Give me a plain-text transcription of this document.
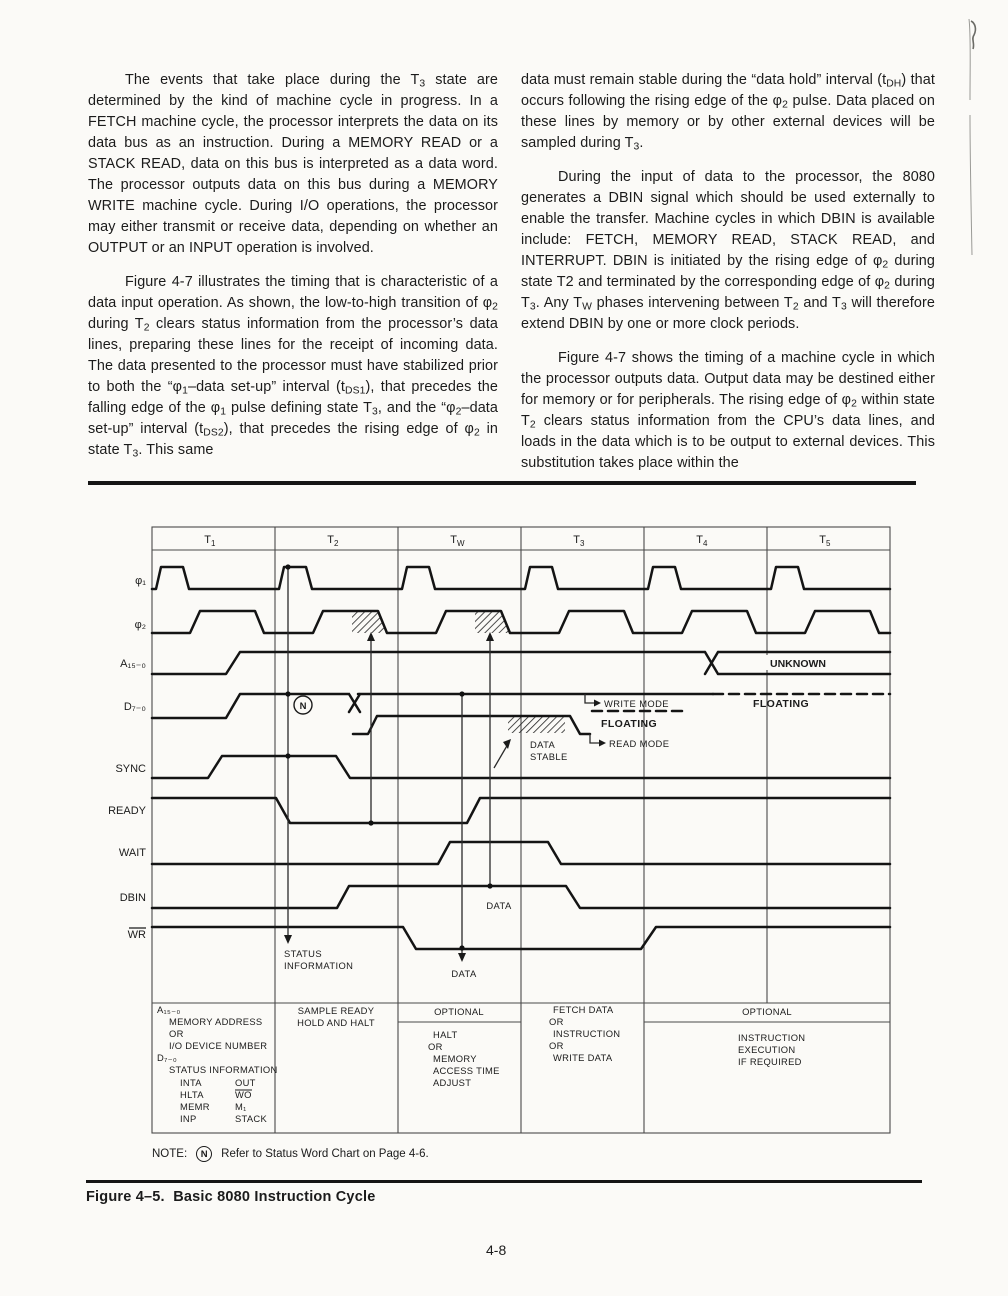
The events that take place during the $T_3$ state are determined by the kind of machine cycle in progress. In a FETCH machine cycle, the processor interprets the data on its data bus as an instruction. During a MEMORY READ or a STACK READ, data on this bus is interpreted as a data word. The processor outputs data on this bus during a MEMORY WRITE machine cycle. During I/O operations, the processor may either transmit or receive data, depending on whether an OUTPUT or an INPUT operation is involved.

Figure 4-7 illustrates the timing that is characteristic of a data input operation. As shown, the low-to-high transition of $\varphi_2$ during $T_2$ clears status information from the processor’s data lines, preparing these lines for the receipt of incoming data. The data presented to the processor must have stabilized prior to both the “$\varphi_1$–data set-up” interval $(t_{DS1})$, that precedes the falling edge of the $\varphi_1$ pulse defining state $T_3$, and the “$\varphi_2$–data set-up” interval $(t_{DS2})$, that precedes the rising edge of $\varphi_2$ in state $T_3$. This same

data must remain stable during the “data hold” interval $(t_{DH})$ that occurs following the rising edge of the $\varphi_2$ pulse. Data placed on these lines by memory or by other external devices will be sampled during $T_3$.

During the input of data to the processor, the 8080 generates a DBIN signal which should be used externally to enable the transfer. Machine cycles in which DBIN is available include: FETCH, MEMORY READ, STACK READ, and INTERRUPT. DBIN is initiated by the rising edge of $\varphi_2$ during state T2 and terminated by the corresponding edge of $\varphi_2$ during $T_3$. Any $T_W$ phases intervening between $T_2$ and $T_3$ will therefore extend DBIN by one or more clock periods.

Figure 4-7 shows the timing of a machine cycle in which the processor outputs data. Output data may be destined either for memory or for peripherals. The rising edge of $\varphi_2$ within state $T_2$ clears status information from the CPU’s data lines, and loads in the data which is to be output to external devices. This substitution takes place within the

T 1	T 2	T W	T 3	T 4	T 5
φ₁
φ₂
A₁₅₋₀
D₇₋₀
SYNC
READY
WAIT
DBIN
WR
UNKNOWN
N
STATUS
INFORMATION
DATA
DATA
DATA
STABLE
WRITE MODE
READ MODE
FLOATING
FLOATING
A₁₅₋₀
MEMORY ADDRESS
OR
I/O DEVICE NUMBER
D₇₋₀
STATUS INFORMATION
INTA	OUT
HLTA	WO
MEMR	M₁
INP	STACK
SAMPLE READY
HOLD AND HALT
OPTIONAL
HALT
OR
MEMORY
ACCESS TIME
ADJUST
FETCH DATA
OR
INSTRUCTION
OR
WRITE DATA
OPTIONAL
INSTRUCTION
EXECUTION
IF REQUIRED
NOTE:	N	Refer to Status Word Chart on Page 4-6.
Figure 4–5.  Basic 8080 Instruction Cycle
4-8
